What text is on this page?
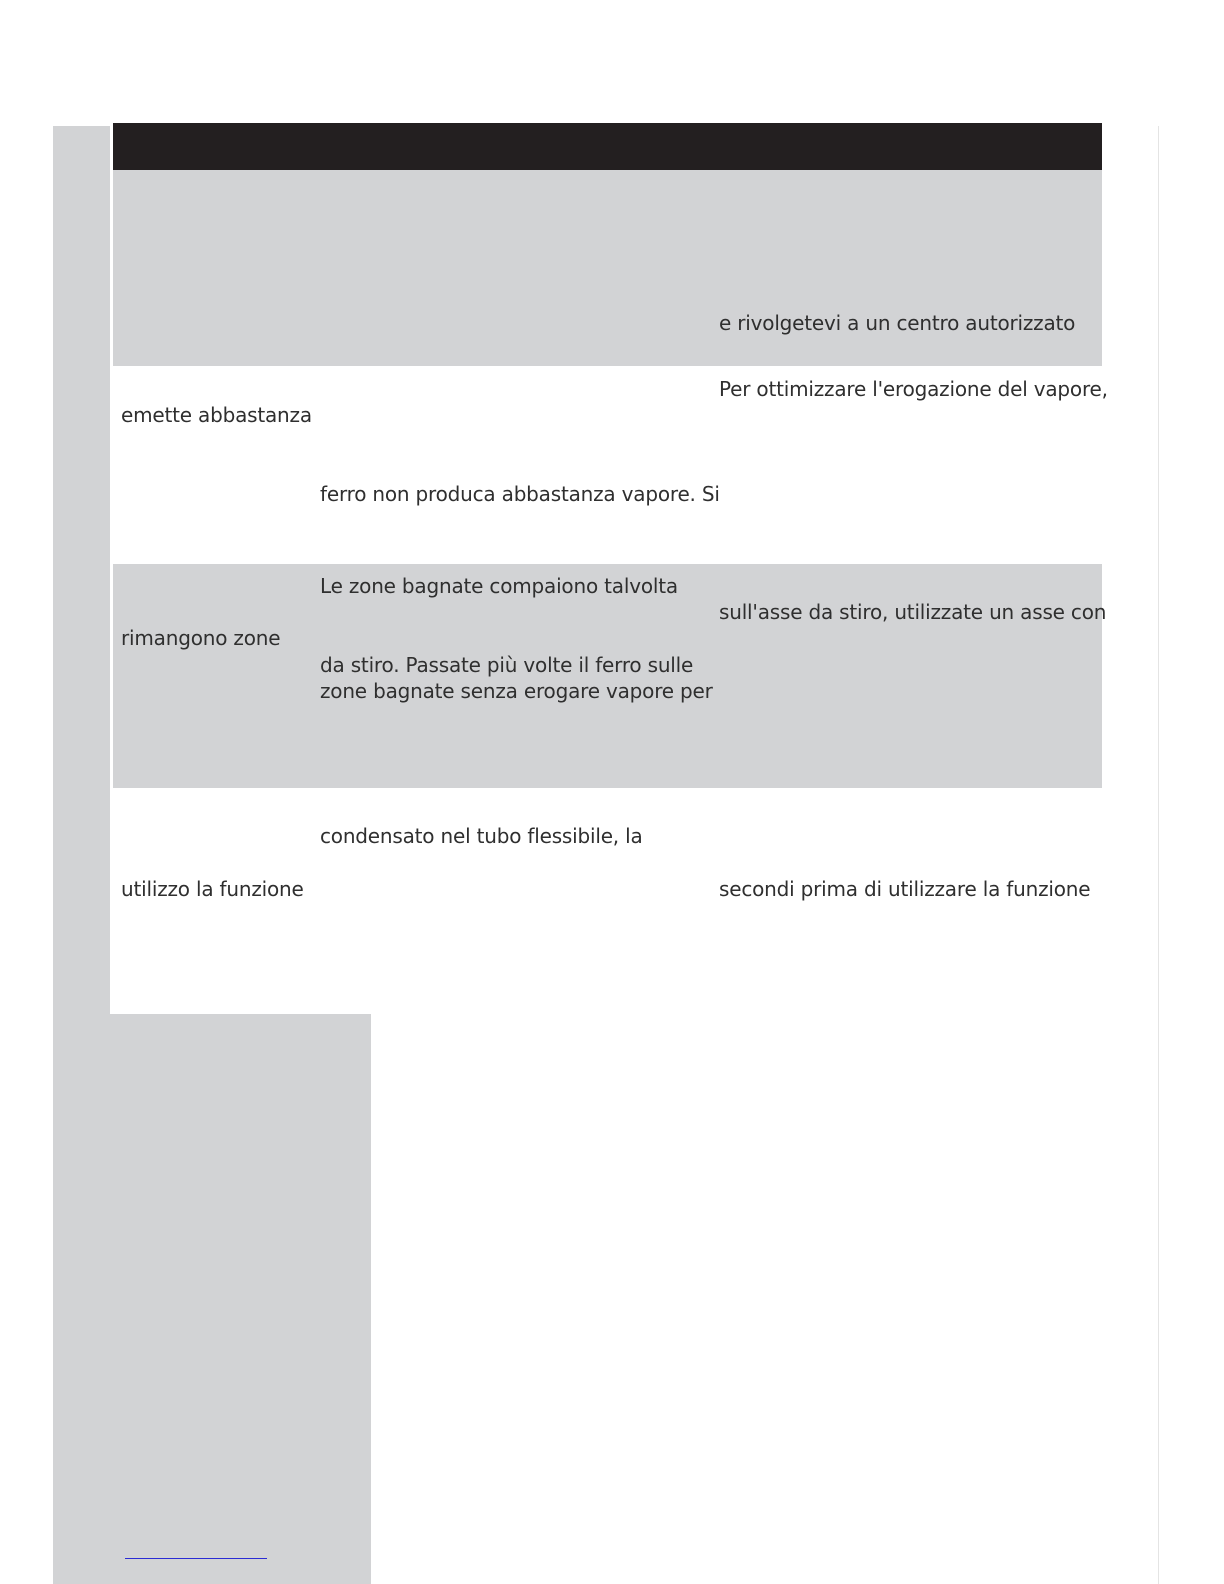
e rivolgetevi a un centro autorizzato
emette abbastanza
ferro non produca abbastanza vapore. Si
Per ottimizzare l'erogazione del vapore,
rimangono zone
Le zone bagnate compaiono talvolta
da stiro. Passate più volte il ferro sulle
zone bagnate senza erogare vapore per
sull'asse da stiro, utilizzate un asse con
utilizzo la funzione
condensato nel tubo flessibile, la
secondi prima di utilizzare la funzione
